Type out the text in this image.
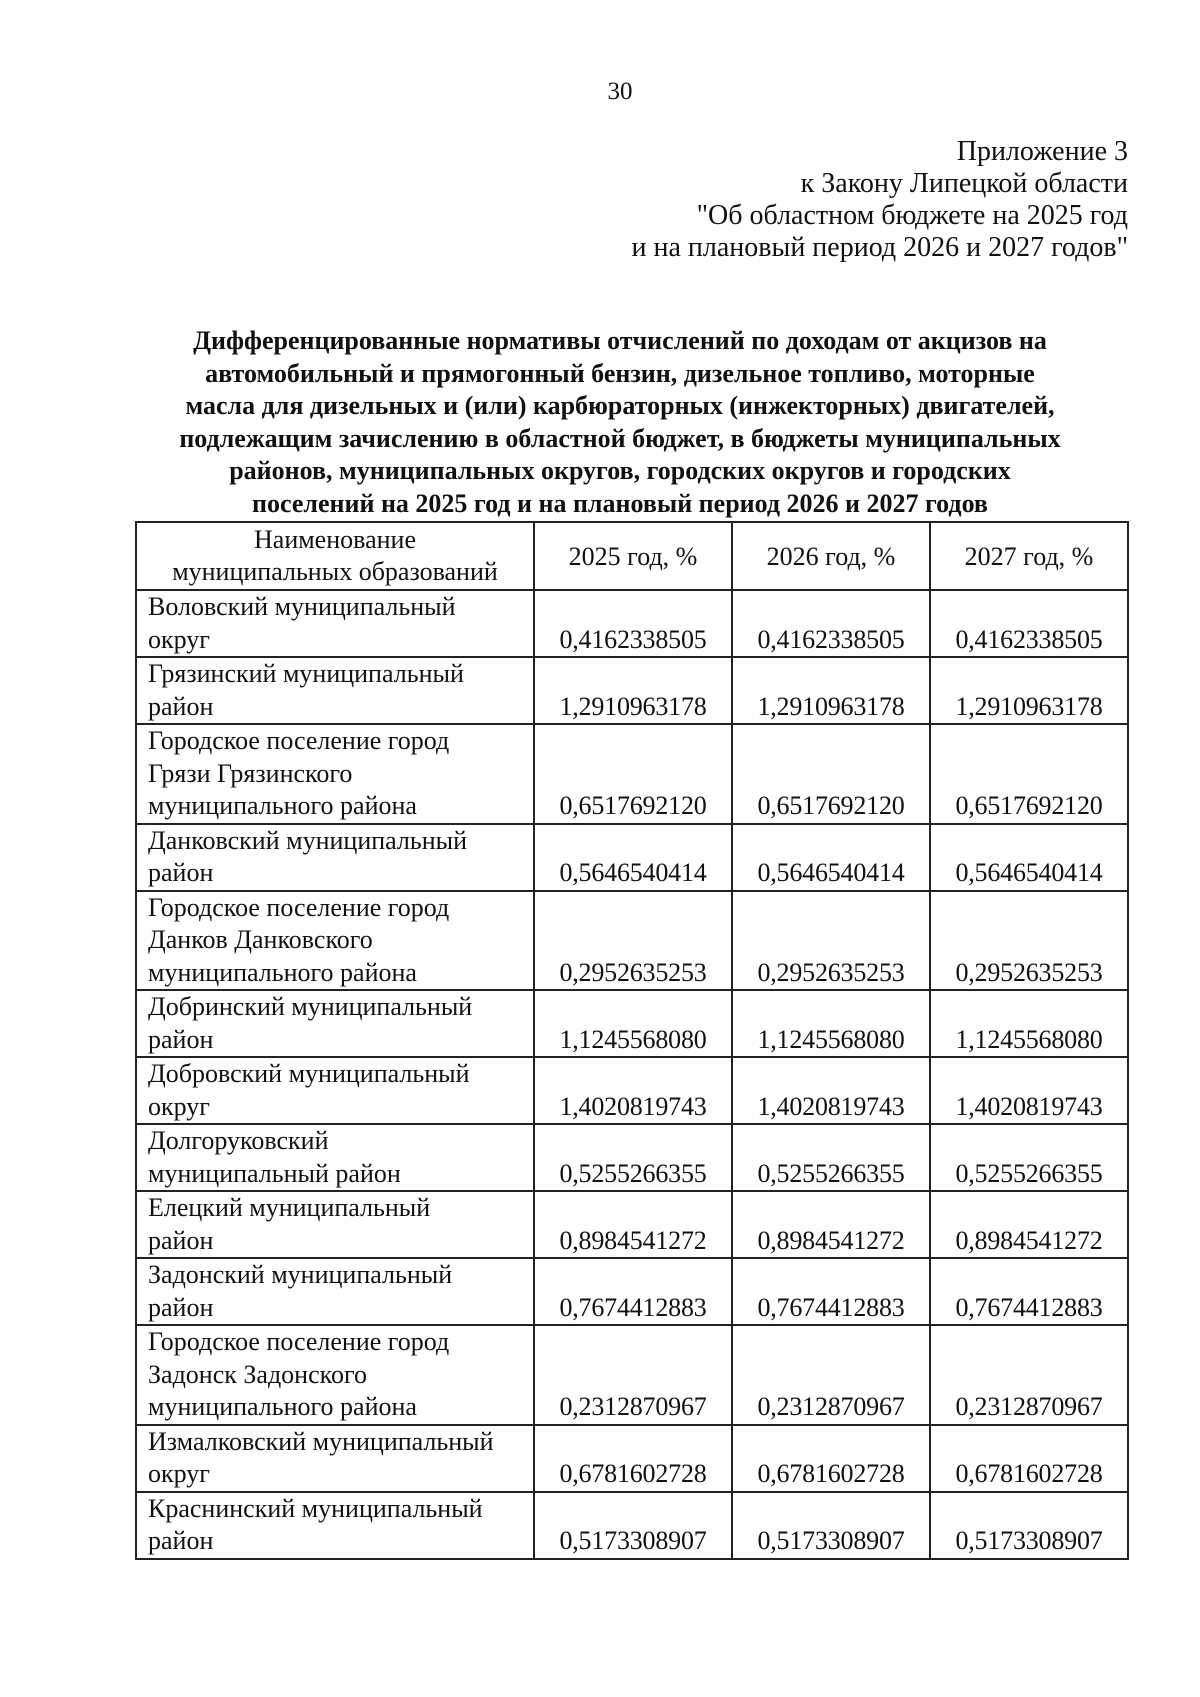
30
Приложение 3
к Закону Липецкой области
"Об областном бюджете на 2025 год
и на плановый период 2026 и 2027 годов"
Дифференцированные нормативы отчислений по доходам от акцизов на
автомобильный и прямогонный бензин, дизельное топливо, моторные
масла для дизельных и (или) карбюраторных (инжекторных) двигателей,
подлежащим зачислению в областной бюджет, в бюджеты муниципальных
районов, муниципальных округов, городских округов и городских
поселений на 2025 год и на плановый период 2026 и 2027 годов
Наименование
муниципальных образований	2025 год, %	2026 год, %	2027 год, %

Воловский муниципальный
округ	0,4162338505	0,4162338505	0,4162338505

Грязинский муниципальный
район	1,2910963178	1,2910963178	1,2910963178

Городское поселение город
Грязи Грязинского
муниципального района	0,6517692120	0,6517692120	0,6517692120

Данковский муниципальный
район	0,5646540414	0,5646540414	0,5646540414

Городское поселение город
Данков Данковского
муниципального района	0,2952635253	0,2952635253	0,2952635253

Добринский муниципальный
район	1,1245568080	1,1245568080	1,1245568080

Добровский муниципальный
округ	1,4020819743	1,4020819743	1,4020819743

Долгоруковский
муниципальный район	0,5255266355	0,5255266355	0,5255266355

Елецкий муниципальный
район	0,8984541272	0,8984541272	0,8984541272

Задонский муниципальный
район	0,7674412883	0,7674412883	0,7674412883

Городское поселение город
Задонск Задонского
муниципального района	0,2312870967	0,2312870967	0,2312870967

Измалковский муниципальный
округ	0,6781602728	0,6781602728	0,6781602728

Краснинский муниципальный
район	0,5173308907	0,5173308907	0,5173308907
